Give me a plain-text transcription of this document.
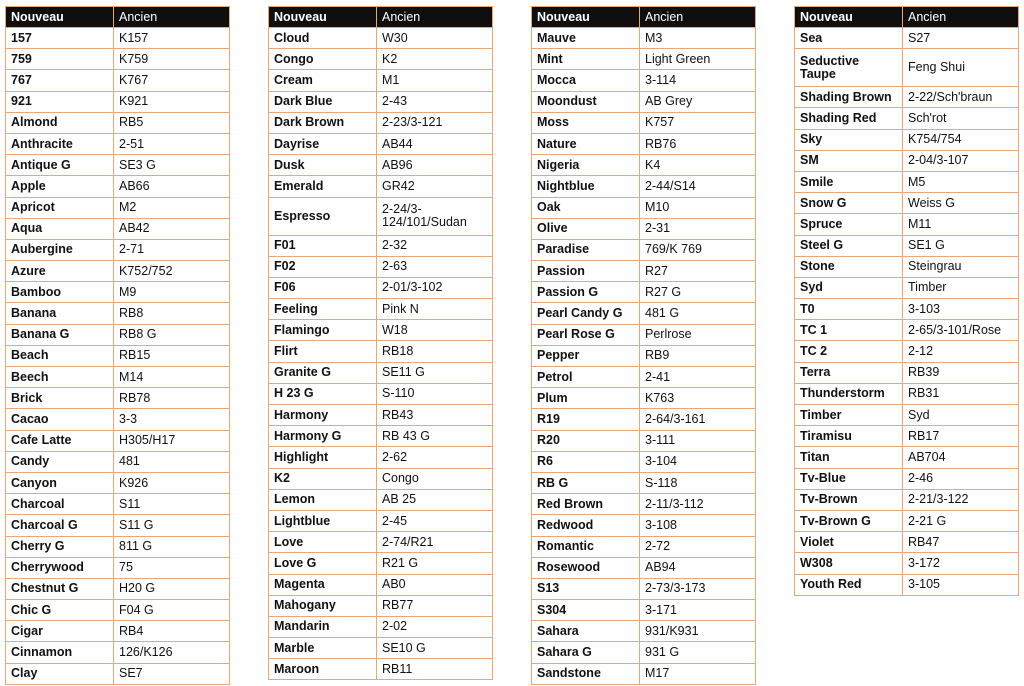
Nouveau	Ancien
157	K157
759	K759
767	K767
921	K921
Almond	RB5
Anthracite	2-51
Antique G	SE3 G
Apple	AB66
Apricot	M2
Aqua	AB42
Aubergine	2-71
Azure	K752/752
Bamboo	M9
Banana	RB8
Banana G	RB8 G
Beach	RB15
Beech	M14
Brick	RB78
Cacao	3-3
Cafe Latte	H305/H17
Candy	481
Canyon	K926
Charcoal	S11
Charcoal G	S11 G
Cherry G	811 G
Cherrywood	75
Chestnut G	H20 G
Chic G	F04 G
Cigar	RB4
Cinnamon	126/K126
Clay	SE7
Nouveau	Ancien
Cloud	W30
Congo	K2
Cream	M1
Dark Blue	2-43
Dark Brown	2-23/3-121
Dayrise	AB44
Dusk	AB96
Emerald	GR42
Espresso	2-24/3-124/101/Sudan
F01	2-32
F02	2-63
F06	2-01/3-102
Feeling	Pink N
Flamingo	W18
Flirt	RB18
Granite G	SE11 G
H 23 G	S-110
Harmony	RB43
Harmony G	RB 43 G
Highlight	2-62
K2	Congo
Lemon	AB 25
Lightblue	2-45
Love	2-74/R21
Love G	R21 G
Magenta	AB0
Mahogany	RB77
Mandarin	2-02
Marble	SE10 G
Maroon	RB11
Nouveau	Ancien
Mauve	M3
Mint	Light Green
Mocca	3-114
Moondust	AB Grey
Moss	K757
Nature	RB76
Nigeria	K4
Nightblue	2-44/S14
Oak	M10
Olive	2-31
Paradise	769/K 769
Passion	R27
Passion G	R27 G
Pearl Candy G	481 G
Pearl Rose G	Perlrose
Pepper	RB9
Petrol	2-41
Plum	K763
R19	2-64/3-161
R20	3-111
R6	3-104
RB G	S-118
Red Brown	2-11/3-112
Redwood	3-108
Romantic	2-72
Rosewood	AB94
S13	2-73/3-173
S304	3-171
Sahara	931/K931
Sahara G	931 G
Sandstone	M17
Nouveau	Ancien
Sea	S27
Seductive Taupe	Feng Shui
Shading Brown	2-22/Sch'braun
Shading Red	Sch'rot
Sky	K754/754
SM	2-04/3-107
Smile	M5
Snow G	Weiss G
Spruce	M11
Steel G	SE1 G
Stone	Steingrau
Syd	Timber
T0	3-103
TC 1	2-65/3-101/Rose
TC 2	2-12
Terra	RB39
Thunderstorm	RB31
Timber	Syd
Tiramisu	RB17
Titan	AB704
Tv-Blue	2-46
Tv-Brown	2-21/3-122
Tv-Brown G	2-21 G
Violet	RB47
W308	3-172
Youth Red	3-105
